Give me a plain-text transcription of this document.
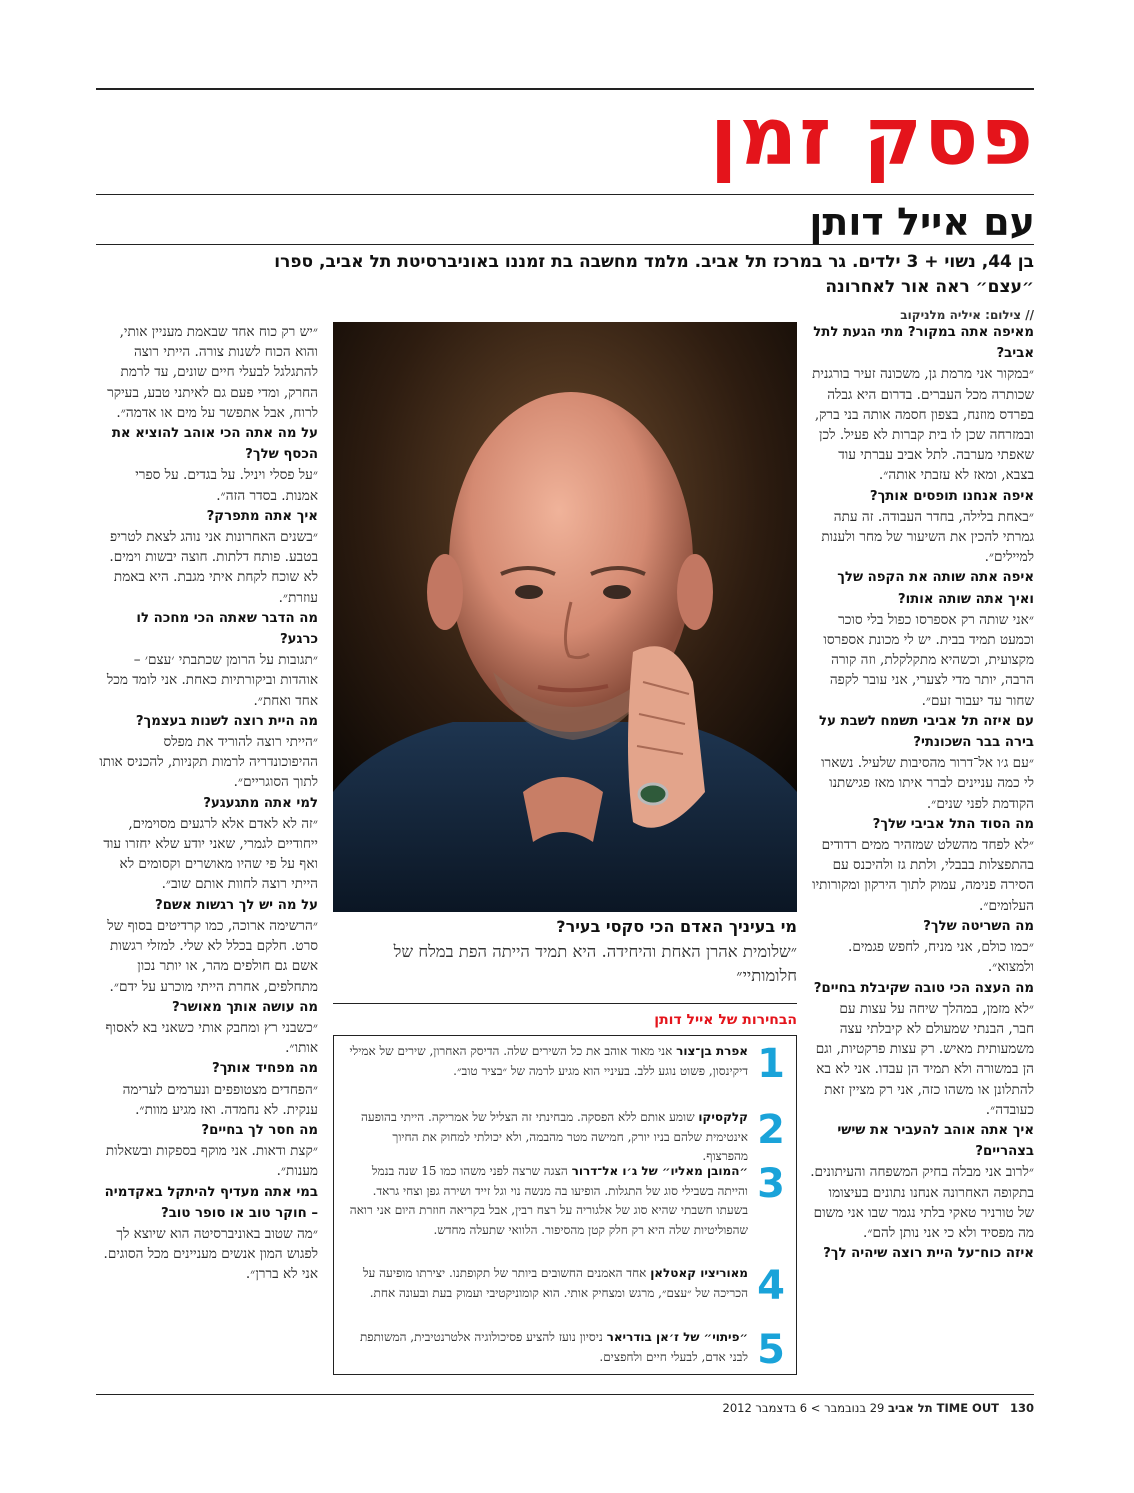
פסק זמן
עם אייל דותן
בן 44, נשוי + 3 ילדים. גר במרכז תל אביב. מלמד מחשבה בת זמננו באוניברסיטת תל אביב, ספרו
״עצם״ ראה אור לאחרונה
// צילום: איליה מלניקוב

מאיפה אתה במקור? מתי הגעת לתל אביב?
״במקור אני מרמת גן, משכונה זעיר בורגנית שכותרה מכל העברים. בדרום היא גבלה בפרדס מוזנח, בצפון חסמה אותה בני ברק, ובמזרחה שכן לו בית קברות לא פעיל. לכן שאפתי מערבה. לתל אביב עברתי עוד בצבא, ומאז לא עזבתי אותה״.

איפה אנחנו תופסים אותך?
״באחת בלילה, בחדר העבודה. זה עתה גמרתי להכין את השיעור של מחר ולענות למיילים״.

איפה אתה שותה את הקפה שלך ואיך אתה שותה אותו?
״אני שותה רק אספרסו כפול בלי סוכר וכמעט תמיד בבית. יש לי מכונת אספרסו מקצועית, וכשהיא מתקלקלת, וזה קורה הרבה, יותר מדי לצערי, אני עובר לקפה שחור עד יעבור זעם״.

עם איזה תל אביבי תשמח לשבת על בירה בבר השכונתי?
״עם ג׳ו אל־דרור מהסיבות שלעיל. נשארו לי כמה עניינים לברר איתו מאז פגישתנו הקודמת לפני שנים״.

מה הסוד התל אביבי שלך?
״לא לפחד מהשלט שמזהיר ממים רדודים בהתפצלות בבבלי, ולתת גז ולהיכנס עם הסירה פנימה, עמוק לתוך הירקון ומקורותיו העלומים״.

מה השריטה שלך?
״כמו כולם, אני מניח, לחפש פגמים. ולמצוא״.

מה העצה הכי טובה שקיבלת בחיים?
״לא מזמן, במהלך שיחה על עצות עם חבר, הבנתי שמעולם לא קיבלתי עצה משמעותית מאיש. רק עצות פרקטיות, וגם הן במשורה ולא תמיד הן עבדו. אני לא בא להתלונן או משהו כזה, אני רק מציין זאת כעובדה״.

איך אתה אוהב להעביר את שישי בצהריים?
״לרוב אני מבלה בחיק המשפחה והעיתונים. בתקופה האחרונה אנחנו נתונים בעיצומו של טורניר טאקי בלתי נגמר שבו אני משום מה מפסיד ולא כי אני נותן להם״.

איזה כוח־על היית רוצה שיהיה לך?

״יש רק כוח אחד שבאמת מעניין אותי, והוא הכוח לשנות צורה. הייתי רוצה להתגלגל לבעלי חיים שונים, עד לרמת החרק, ומדי פעם גם לאיתני טבע, בעיקר לרוח, אבל אתפשר על מים או אדמה״.

על מה אתה הכי אוהב להוציא את הכסף שלך?
״על פסלי ויניל. על בגדים. על ספרי אמנות. בסדר הזה״.

איך אתה מתפרק?
״בשנים האחרונות אני נוהג לצאת לטריפ בטבע. פותח דלתות. חוצה יבשות וימים. לא שוכח לקחת איתי מגבת. היא באמת עוזרת״.

מה הדבר שאתה הכי מחכה לו כרגע?
״תגובות על הרומן שכתבתי ׳עצם׳ – אוהדות וביקורתיות כאחת. אני לומד מכל אחד ואחת״.

מה היית רוצה לשנות בעצמך?
״הייתי רוצה להוריד את מפלס ההיפוכונדריה לרמות תקניות, להכניס אותו לתוך הסוגריים״.

למי אתה מתגעגע?
״זה לא לאדם אלא לרגעים מסוימים, ייחודיים לגמרי, שאני יודע שלא יחזרו עוד ואף על פי שהיו מאושרים וקסומים לא הייתי רוצה לחוות אותם שוב״.

על מה יש לך רגשות אשם?
״הרשימה ארוכה, כמו קרדיטים בסוף של סרט. חלקם בכלל לא שלי. למזלי רגשות אשם גם חולפים מהר, או יותר נכון מתחלפים, אחרת הייתי מוכרע על ידם״.

מה עושה אותך מאושר?
״כשבני רץ ומחבק אותי כשאני בא לאסוף אותו״.

מה מפחיד אותך?
״הפחדים מצטופפים ונערמים לערימה ענקית. לא נחמדה. ואז מגיע מוות״.

מה חסר לך בחיים?
״קצת ודאות. אני מוקף בספקות ובשאלות מענות״.

במי אתה מעדיף להיתקל באקדמיה – חוקר טוב או סופר טוב?
״מה שטוב באוניברסיטה הוא שיוצא לך לפגוש המון אנשים מעניינים מכל הסוגים. אני לא בררן״.

מי בעיניך האדם הכי סקסי בעיר?
״שלומית אהרן האחת והיחידה. היא תמיד הייתה הפת במלח של חלומותיי״
הבחירות של אייל דותן
1
אפרת בן־צור אני מאוד אוהב את כל השירים שלה. הדיסק האחרון, שירים של אמילי דיקינסון, פשוט נוגע ללב. בעיניי הוא מגיע לרמה של ״בציר טוב״.
2
קלקסיקו שומע אותם ללא הפסקה. מבחינתי זה הצליל של אמריקה. הייתי בהופעה אינטימית שלהם בניו יורק, חמישה מטר מהבמה, ולא יכולתי למחוק את החיוך מהפרצוף.
3
״המובן מאליו״ של ג׳ו אל־דרור הצגה שרצה לפני משהו כמו 15 שנה בנמל והייתה בשבילי סוג של התגלות. הופיעו בה מנשה נוי וגל זייד ושירה גפן וצחי גראד. בשעתו חשבתי שהיא סוג של אלגוריה על רצח רבין, אבל בקריאה חוזרת היום אני רואה שהפוליטיות שלה היא רק חלק קטן מהסיפור. הלוואי שתעלה מחדש.
4
מאוריציו קאטלאן אחד האמנים החשובים ביותר של תקופתנו. יצירתו מופיעה על הכריכה של ״עצם״, מרגש ומצחיק אותי. הוא קומוניקטיבי ועמוק בעת ובעונה אחת.
5
״פיתוי״ של ז׳אן בודריאר ניסיון נועז להציע פסיכולוגיה אלטרנטיבית, המשותפת לבני אדם, לבעלי חיים ולחפצים.
130   TIME OUT תל אביב 29 בנובמבר > 6 בדצמבר 2012
